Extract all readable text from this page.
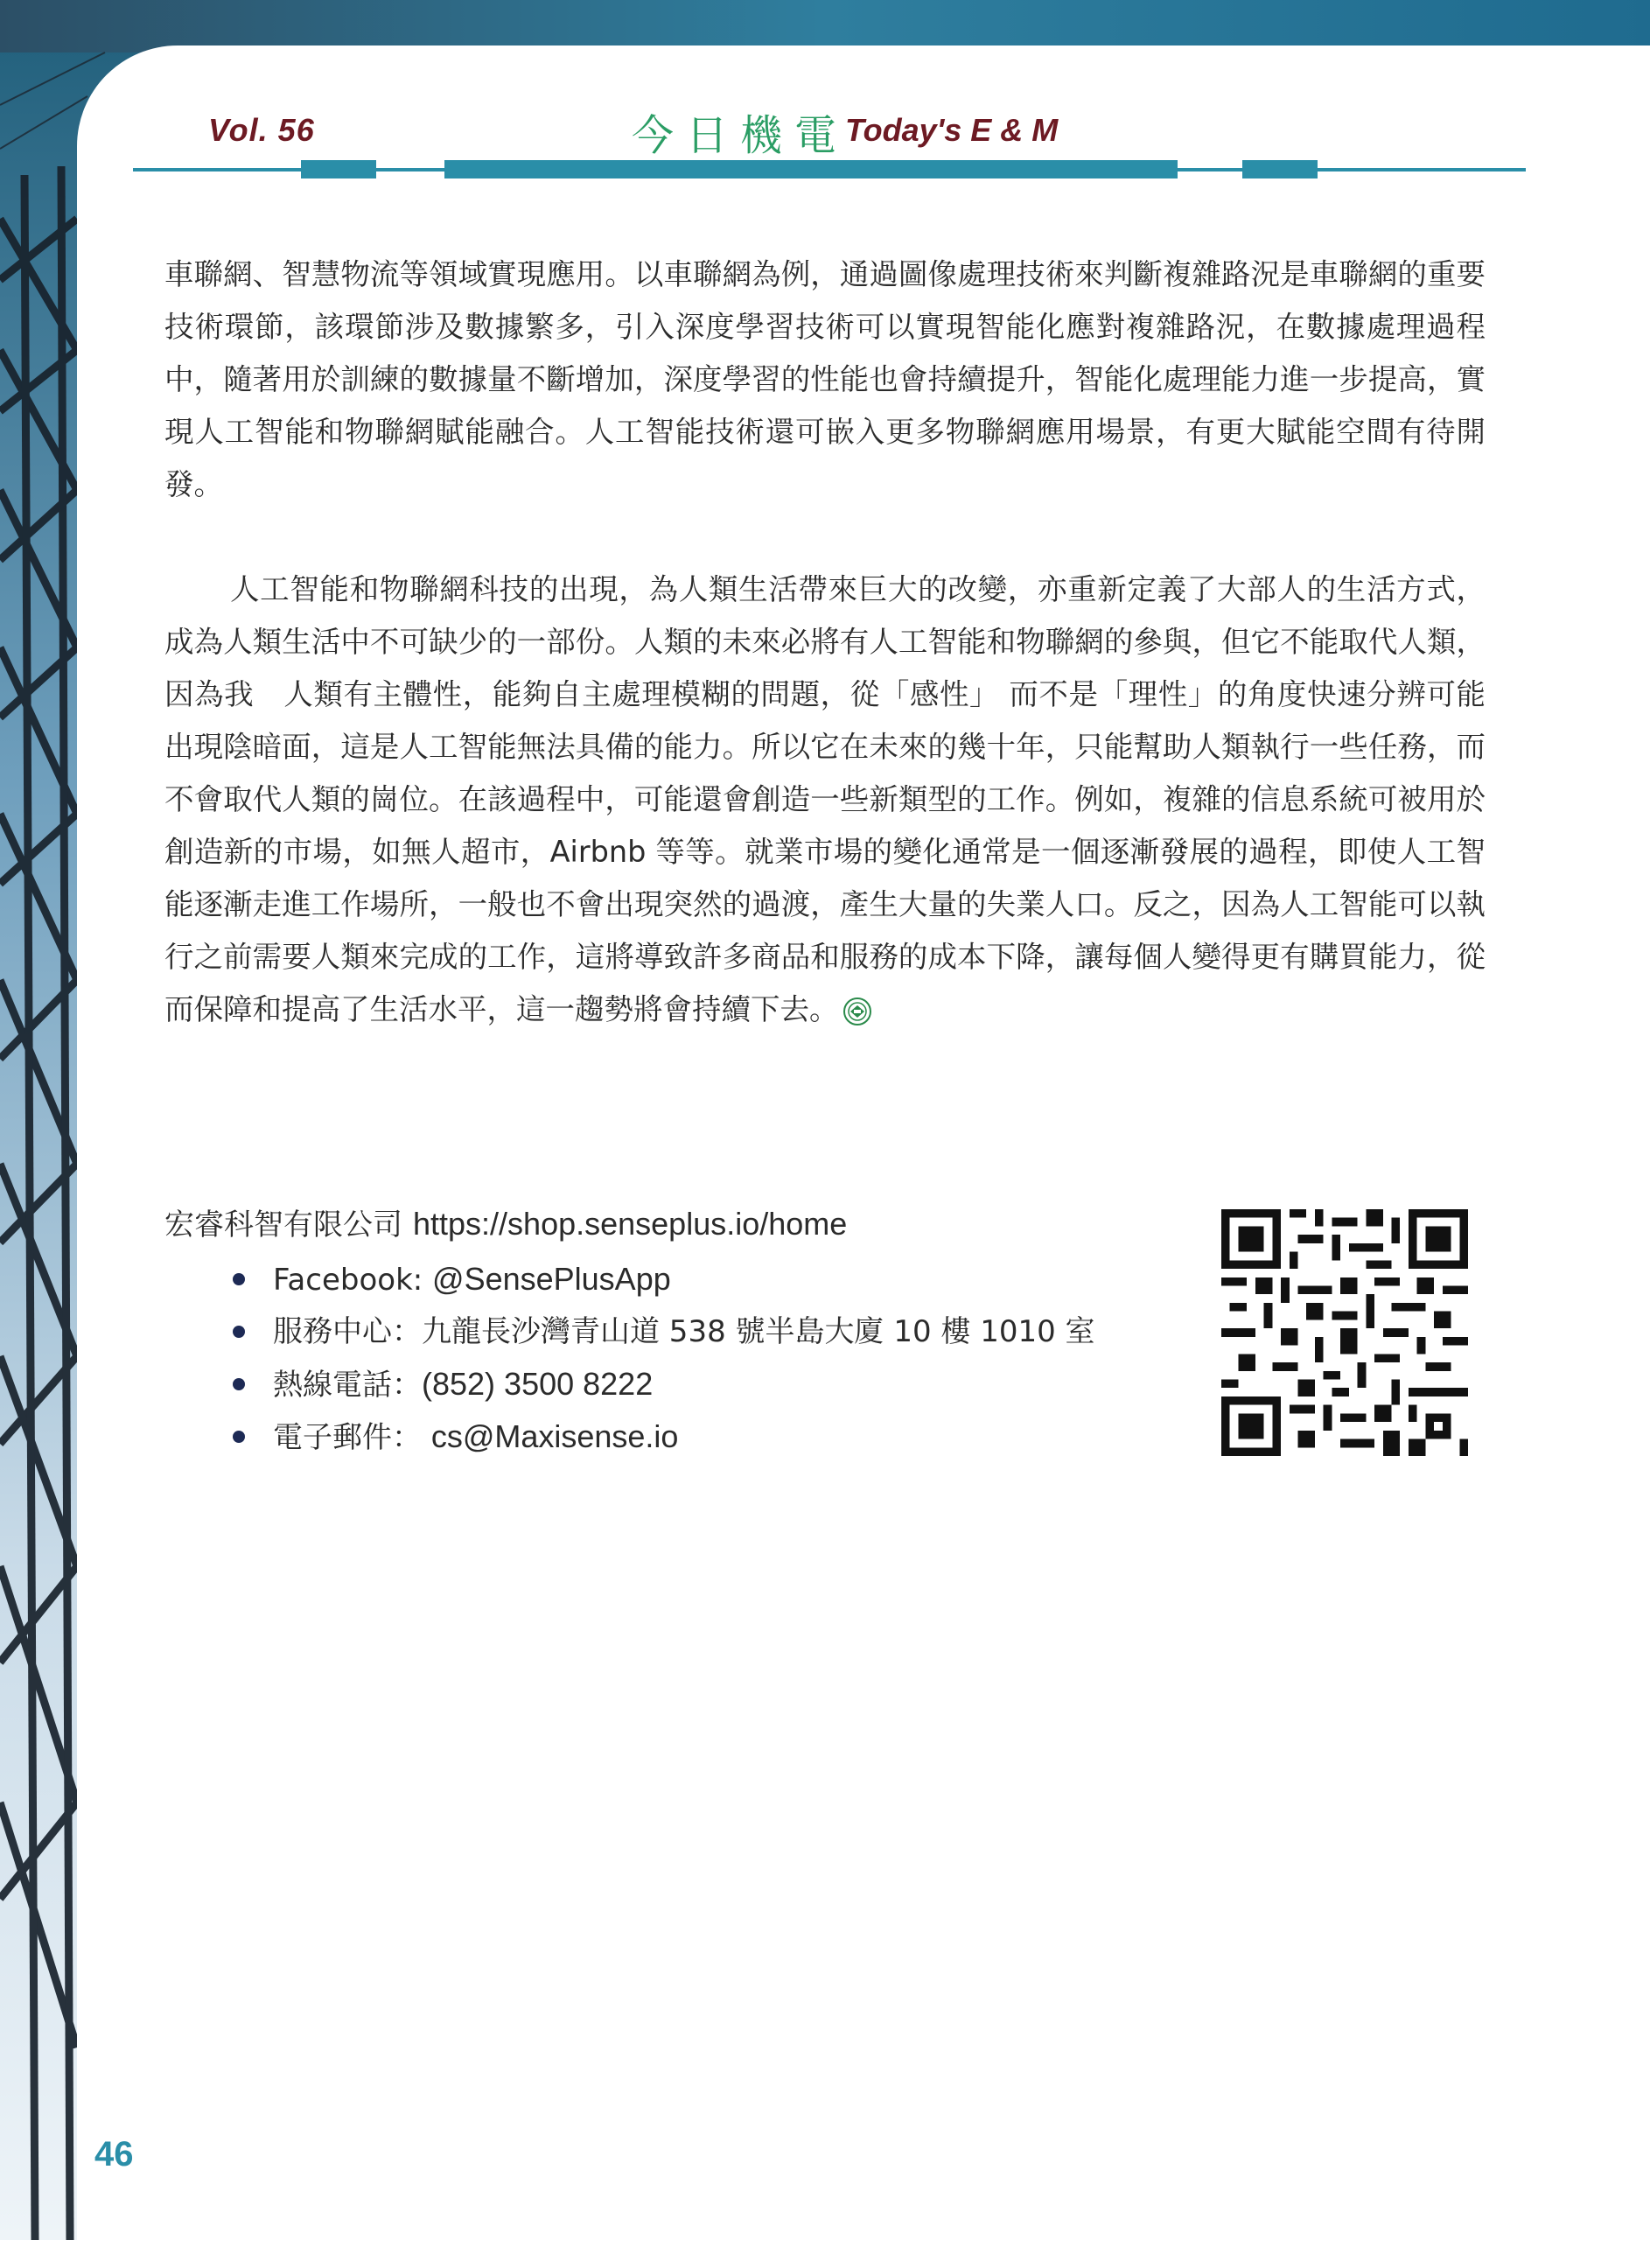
Vol. 56	今日機電
Today's E & M

車聯網、智慧物流等領域實現應用。以車聯網為例，通過圖像處理技術來判斷複雜路況是車聯網的重要技術環節，該環節涉及數據繁多，引入深度學習技術可以實現智能化應對複雜路況，在數據處理過程中，隨著用於訓練的數據量不斷增加，深度學習的性能也會持續提升，智能化處理能力進一步提高，實現人工智能和物聯網賦能融合。人工智能技術還可嵌入更多物聯網應用場景，有更大賦能空間有待開發。

人工智能和物聯網科技的出現，為人類生活帶來巨大的改變，亦重新定義了大部人的生活方式，成為人類生活中不可缺少的一部份。人類的未來必將有人工智能和物聯網的參與，但它不能取代人類，因為我　人類有主體性，能夠自主處理模糊的問題，從「感性」 而不是「理性」的角度快速分辨可能出現陰暗面，這是人工智能無法具備的能力。所以它在未來的幾十年，只能幫助人類執行一些任務，而不會取代人類的崗位。在該過程中，可能還會創造一些新類型的工作。例如，複雜的信息系統可被用於創造新的市場，如無人超市，Airbnb 等等。就業市場的變化通常是一個逐漸發展的過程，即使人工智能逐漸走進工作場所，一般也不會出現突然的過渡，產生大量的失業人口。反之，因為人工智能可以執行之前需要人類來完成的工作，這將導致許多商品和服務的成本下降，讓每個人變得更有購買能力，從而保障和提高了生活水平，這一趨勢將會持續下去。

宏睿科智有限公司 https://shop.senseplus.io/home
Facebook: @SensePlusApp
服務中心：九龍長沙灣青山道 538 號半島大廈 10 樓 1010 室
熱線電話：(852) 3500 8222
電子郵件： cs@Maxisense.io
46
